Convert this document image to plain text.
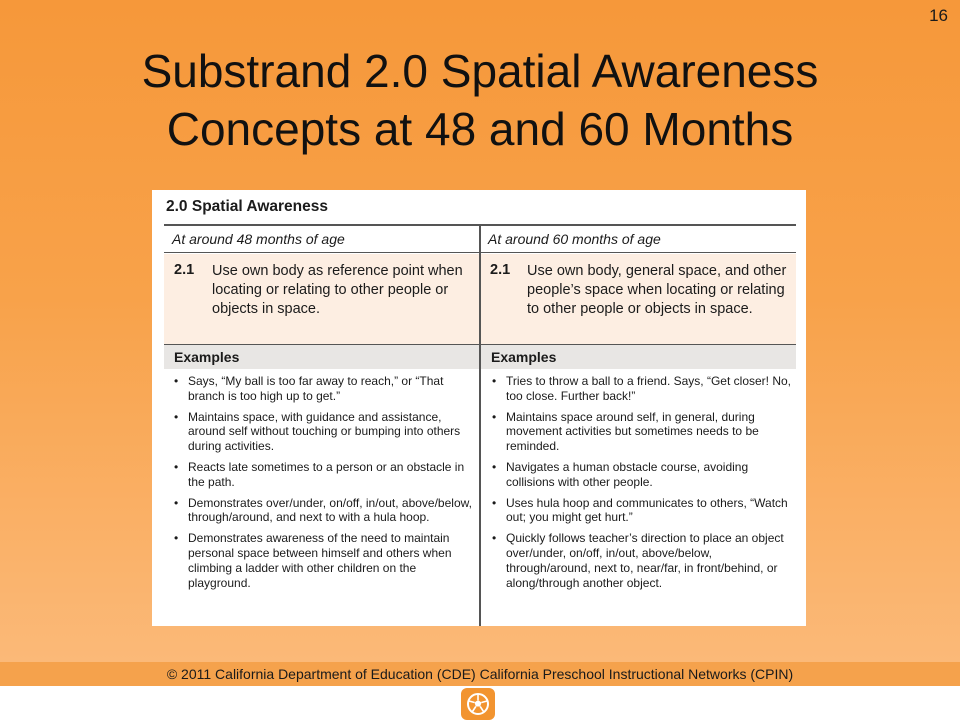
16
Substrand 2.0 Spatial Awareness
Concepts at 48 and 60 Months
2.0 Spatial Awareness
At around 48 months of age	At around 60 months of age
2.1 Use own body as reference point when locating or relating to other people or objects in space.
2.1 Use own body, general space, and other people’s space when locating or relating to other people or objects in space.
Examples	Examples
• Says, “My ball is too far away to reach,” or “That branch is too high up to get.”
• Maintains space, with guidance and assistance, around self without touching or bumping into others during activities.
• Reacts late sometimes to a person or an obstacle in the path.
• Demonstrates over/under, on/off, in/out, above/below, through/around, and next to with a hula hoop.
• Demonstrates awareness of the need to maintain personal space between himself and others when climbing a ladder with other children on the playground.
• Tries to throw a ball to a friend. Says, “Get closer! No, too close. Further back!”
• Maintains space around self, in general, during movement activities but sometimes needs to be reminded.
• Navigates a human obstacle course, avoiding collisions with other people.
• Uses hula hoop and communicates to others, “Watch out; you might get hurt.”
• Quickly follows teacher’s direction to place an object over/under, on/off, in/out, above/below, through/around, next to, near/far, in front/behind, or along/through another object.
© 2011 California Department of Education (CDE) California Preschool Instructional Networks (CPIN)
